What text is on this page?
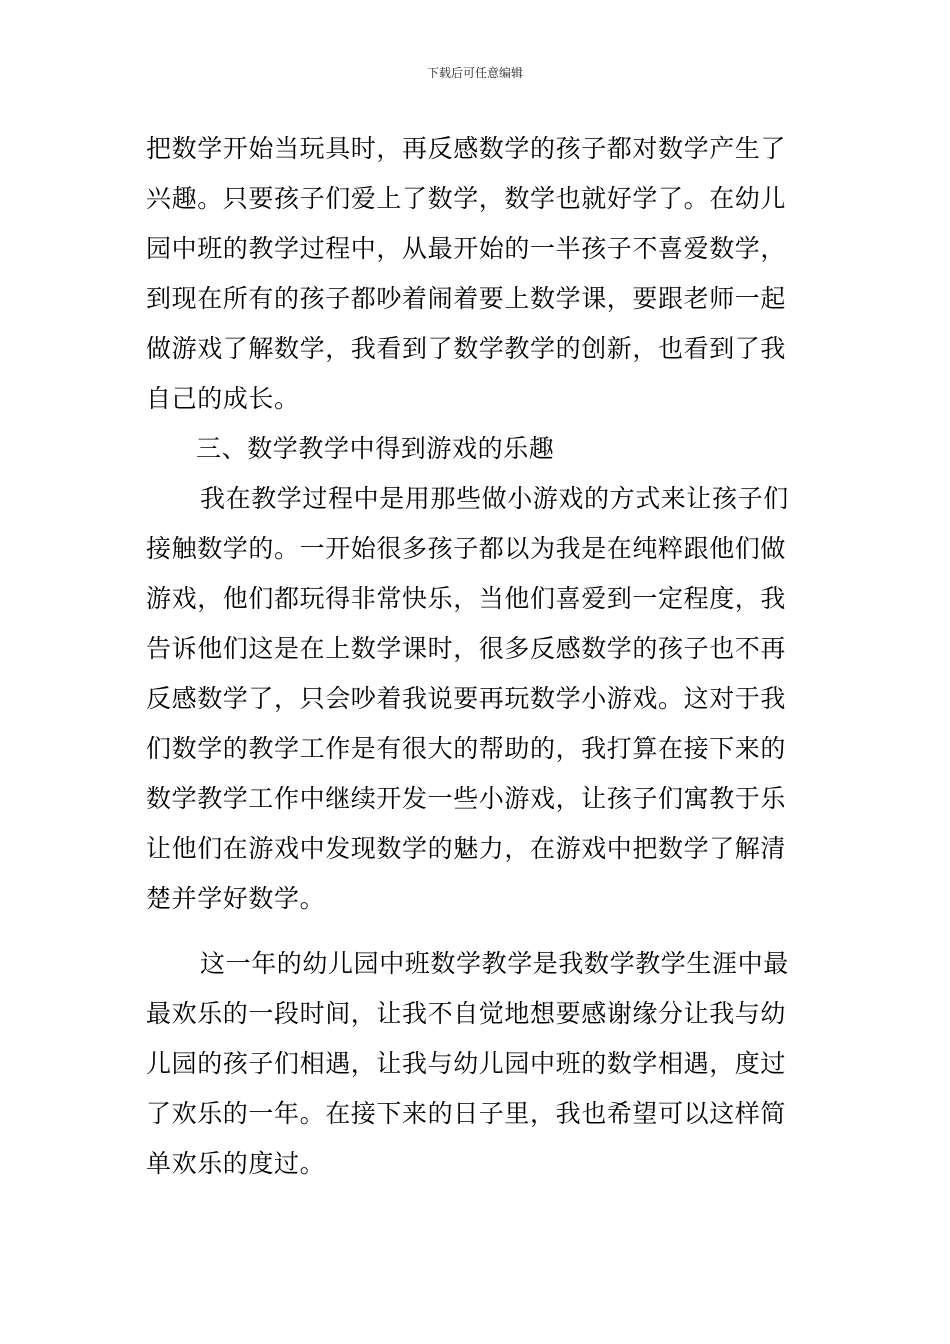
下载后可任意编辑
把数学开始当玩具时，再反感数学的孩子都对数学产生了
兴趣。只要孩子们爱上了数学，数学也就好学了。在幼儿
园中班的教学过程中，从最开始的一半孩子不喜爱数学，
到现在所有的孩子都吵着闹着要上数学课，要跟老师一起
做游戏了解数学，我看到了数学教学的创新，也看到了我
自己的成长。
三、数学教学中得到游戏的乐趣
我在教学过程中是用那些做小游戏的方式来让孩子们
接触数学的。一开始很多孩子都以为我是在纯粹跟他们做
游戏，他们都玩得非常快乐，当他们喜爱到一定程度，我
告诉他们这是在上数学课时，很多反感数学的孩子也不再
反感数学了，只会吵着我说要再玩数学小游戏。这对于我
们数学的教学工作是有很大的帮助的，我打算在接下来的
数学教学工作中继续开发一些小游戏，让孩子们寓教于乐
让他们在游戏中发现数学的魅力，在游戏中把数学了解清
楚并学好数学。
这一年的幼儿园中班数学教学是我数学教学生涯中最
最欢乐的一段时间，让我不自觉地想要感谢缘分让我与幼
儿园的孩子们相遇，让我与幼儿园中班的数学相遇，度过
了欢乐的一年。在接下来的日子里，我也希望可以这样简
单欢乐的度过。
